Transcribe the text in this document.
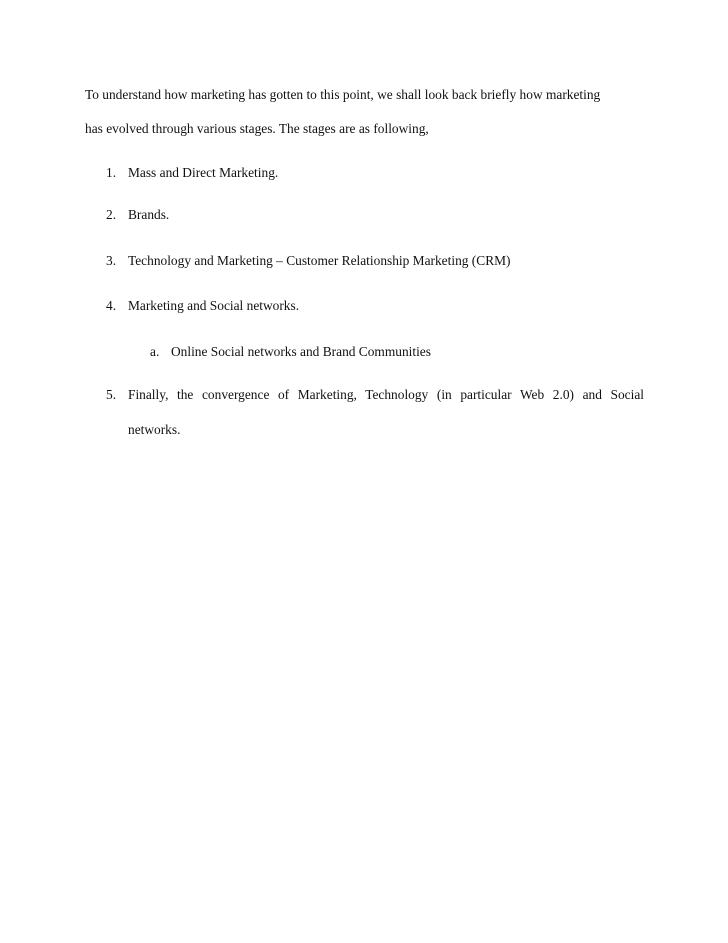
To understand how marketing has gotten to this point, we shall look back briefly how marketing
has evolved through various stages. The stages are as following,
1. Mass and Direct Marketing.
2. Brands.
3. Technology and Marketing – Customer Relationship Marketing (CRM)
4. Marketing and Social networks.
a. Online Social networks and Brand Communities
5. Finally, the convergence of Marketing, Technology (in particular Web 2.0) and Social
networks.
